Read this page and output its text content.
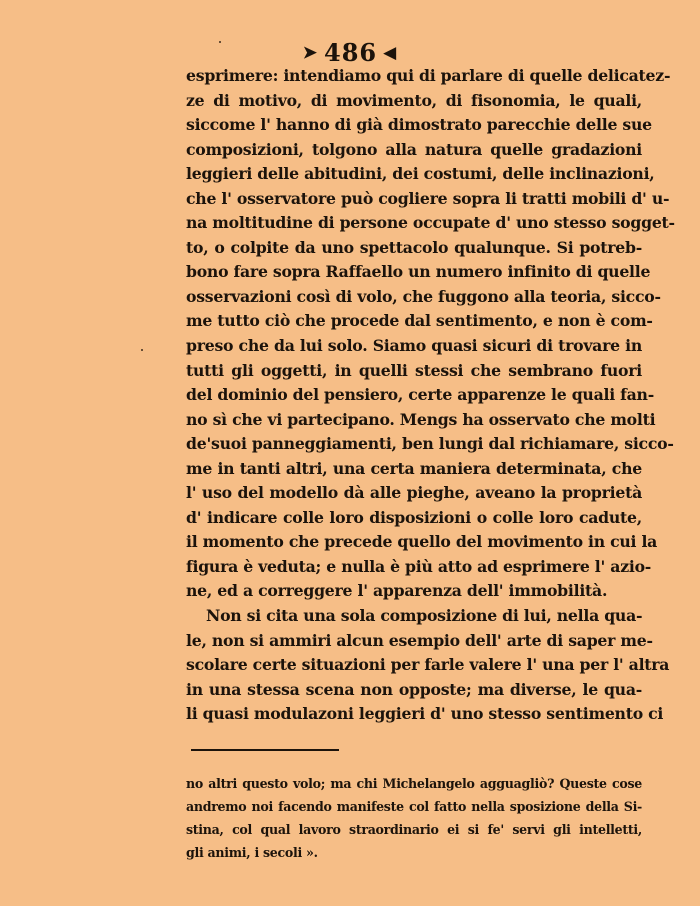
➤ 486 ◀
esprimere: intendiamo qui di parlare di quelle delicatez-
ze di motivo, di movimento, di fisonomia, le quali,
siccome l' hanno di già dimostrato parecchie delle sue
composizioni, tolgono alla natura quelle gradazioni
leggieri delle abitudini, dei costumi, delle inclinazioni,
che l' osservatore può cogliere sopra li tratti mobili d' u-
na moltitudine di persone occupate d' uno stesso sogget-
to, o colpite da uno spettacolo qualunque. Si potreb-
bono fare sopra Raffaello un numero infinito di quelle
osservazioni così di volo, che fuggono alla teoria, sicco-
me tutto ciò che procede dal sentimento, e non è com-
preso che da lui solo. Siamo quasi sicuri di trovare in
tutti gli oggetti, in quelli stessi che sembrano fuori
del dominio del pensiero, certe apparenze le quali fan-
no sì che vi partecipano. Mengs ha osservato che molti
de'suoi panneggiamenti, ben lungi dal richiamare, sicco-
me in tanti altri, una certa maniera determinata, che
l' uso del modello dà alle pieghe, aveano la proprietà
d' indicare colle loro disposizioni o colle loro cadute,
il momento che precede quello del movimento in cui la
figura è veduta; e nulla è più atto ad esprimere l' azio-
ne, ed a correggere l' apparenza dell' immobilità.
Non si cita una sola composizione di lui, nella qua-
le, non si ammiri alcun esempio dell' arte di saper me-
scolare certe situazioni per farle valere l' una per l' altra
in una stessa scena non opposte; ma diverse, le qua-
li quasi modulazoni leggieri d' uno stesso sentimento ci
no altri questo volo; ma chi Michelangelo agguagliò? Queste cose
andremo noi facendo manifeste col fatto nella sposizione della Si-
stina, col qual lavoro straordinario ei si fe' servi gli intelletti,
gli animi, i secoli ».
